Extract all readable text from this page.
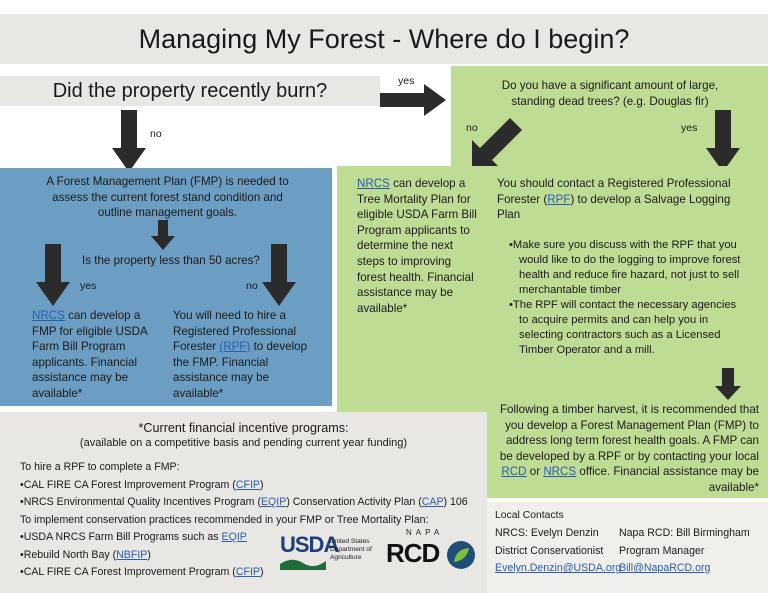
Managing My Forest - Where do I begin?
Did the property recently burn?	yes
no
Do you have a significant amount of large, standing dead trees? (e.g. Douglas fir)
no	yes
A Forest Management Plan (FMP) is needed to assess the current forest stand condition and outline management goals.
Is the property less than 50 acres?
yes	no
NRCS can develop a FMP for eligible USDA Farm Bill Program applicants. Financial assistance may be available*
You will need to hire a Registered Professional Forester (RPF) to develop the FMP. Financial assistance may be available*
NRCS can develop a Tree Mortality Plan for eligible USDA Farm Bill Program applicants to determine the next steps to improving forest health. Financial assistance may be available*
You should contact a Registered Professional Forester (RPF) to develop a Salvage Logging Plan
•Make sure you discuss with the RPF that you would like to do the logging to improve forest health and reduce fire hazard, not just to sell merchantable timber
•The RPF will contact the necessary agencies to acquire permits and can help you in selecting contractors such as a Licensed Timber Operator and a mill.
Following a timber harvest, it is recommended that you develop a Forest Management Plan (FMP) to address long term forest health goals. A FMP can be developed by a RPF or by contacting your local RCD or NRCS office. Financial assistance may be available*
*Current financial incentive programs:
(available on a competitive basis and pending current year funding)
To hire a RPF to complete a FMP:
•CAL FIRE CA Forest Improvement Program (CFIP)
•NRCS Environmental Quality Incentives Program (EQIP) Conservation Activity Plan (CAP) 106
To implement conservation practices recommended in your FMP or Tree Mortality Plan:
•USDA NRCS Farm Bill Programs such as EQIP
•Rebuild North Bay (NBFIP)
•CAL FIRE CA Forest Improvement Program (CFIP)
USDA
United States
Department of
Agriculture
NAPA
RCD
Local Contacts
NRCS: Evelyn Denzin
District Conservationist
Evelyn.Denzin@USDA.org
Napa RCD: Bill Birmingham
Program Manager
Bill@NapaRCD.org
